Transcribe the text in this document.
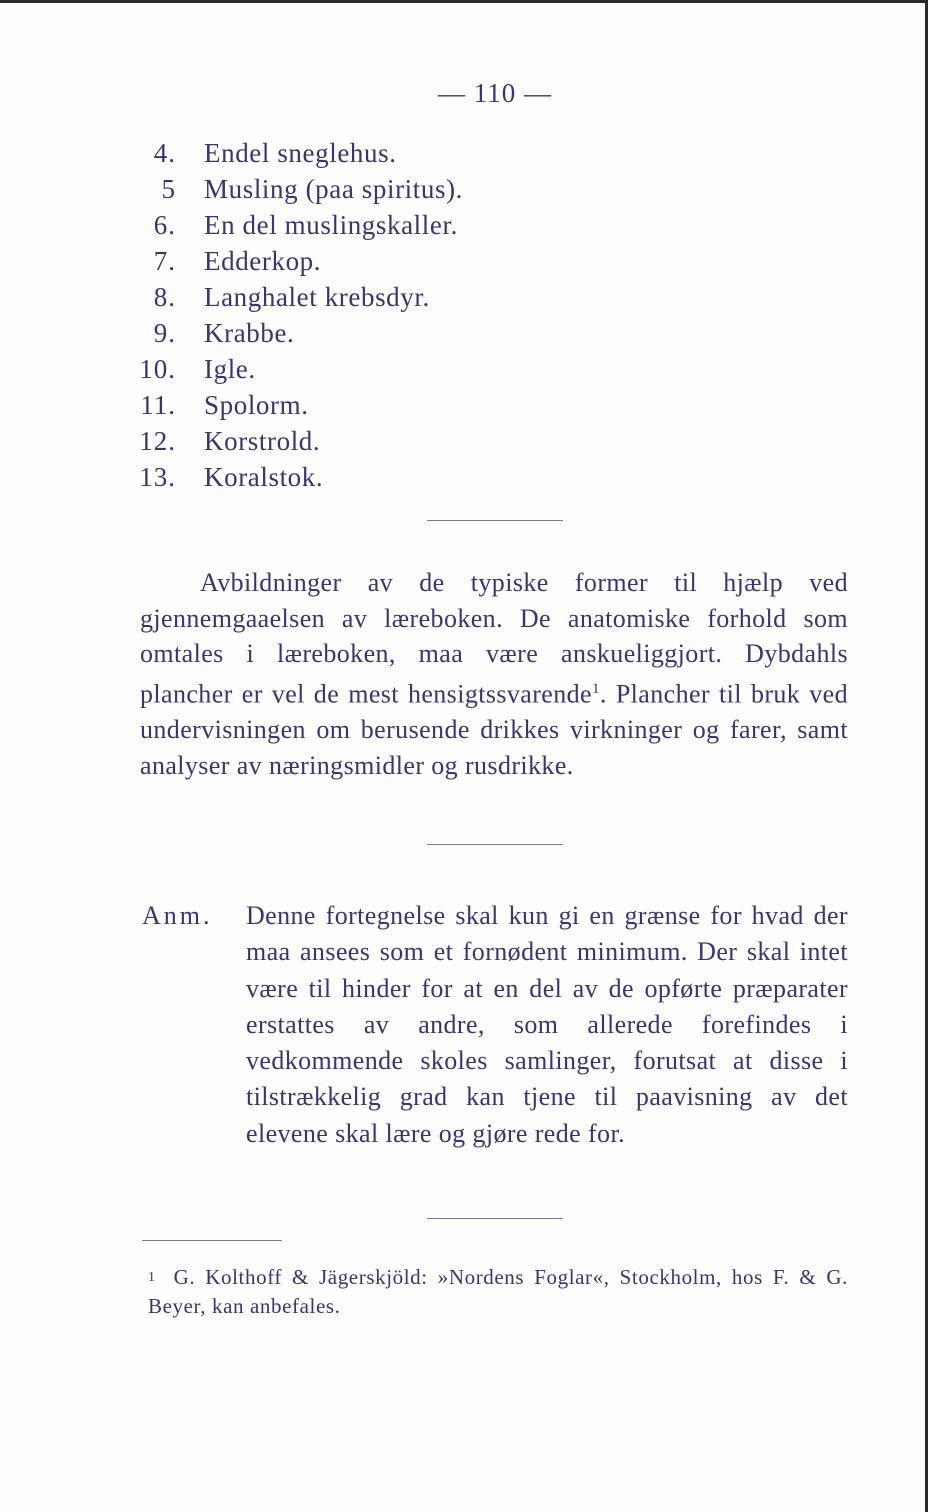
— 110 —
4. Endel sneglehus.
5 Musling (paa spiritus).
6. En del muslingskaller.
7. Edderkop.
8. Langhalet krebsdyr.
9. Krabbe.
10. Igle.
11. Spolorm.
12. Korstrold.
13. Koralstok.

Avbildninger av de typiske former til hjælp ved gjennemgaaelsen av læreboken. De anatomiske forhold som omtales i læreboken, maa være anskueliggjort. Dybdahls plancher er vel de mest hensigtssvarende$^1$. Plancher til bruk ved undervisningen om berusende drikkes virkninger og farer, samt analyser av næringsmidler og rusdrikke.

Anm. Denne fortegnelse skal kun gi en grænse for hvad der maa ansees som et fornødent minimum. Der skal intet være til hinder for at en del av de opførte præparater erstattes av andre, som allerede forefindes i vedkommende skoles samlinger, forutsat at disse i tilstrækkelig grad kan tjene til paavisning av det elevene skal lære og gjøre rede for.

$^1$ G. Kolthoff & Jägerskjöld: »Nordens Foglar«, Stockholm, hos F. & G. Beyer, kan anbefales.
